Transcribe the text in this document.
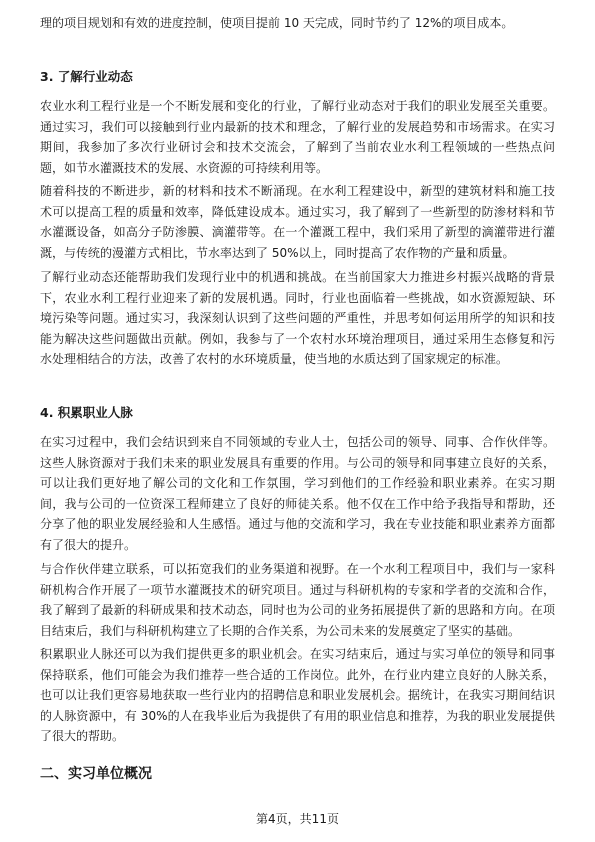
理的项目规划和有效的进度控制，使项目提前 10 天完成，同时节约了 12%的项目成本。

3. 了解行业动态

农业水利工程行业是一个不断发展和变化的行业，了解行业动态对于我们的职业发展至关重要。通过实习，我们可以接触到行业内最新的技术和理念，了解行业的发展趋势和市场需求。在实习期间，我参加了多次行业研讨会和技术交流会，了解到了当前农业水利工程领域的一些热点问题，如节水灌溉技术的发展、水资源的可持续利用等。

随着科技的不断进步，新的材料和技术不断涌现。在水利工程建设中，新型的建筑材料和施工技术可以提高工程的质量和效率，降低建设成本。通过实习，我了解到了一些新型的防渗材料和节水灌溉设备，如高分子防渗膜、滴灌带等。在一个灌溉工程中，我们采用了新型的滴灌带进行灌溉，与传统的漫灌方式相比，节水率达到了 50%以上，同时提高了农作物的产量和质量。

了解行业动态还能帮助我们发现行业中的机遇和挑战。在当前国家大力推进乡村振兴战略的背景下，农业水利工程行业迎来了新的发展机遇。同时，行业也面临着一些挑战，如水资源短缺、环境污染等问题。通过实习，我深刻认识到了这些问题的严重性，并思考如何运用所学的知识和技能为解决这些问题做出贡献。例如，我参与了一个农村水环境治理项目，通过采用生态修复和污水处理相结合的方法，改善了农村的水环境质量，使当地的水质达到了国家规定的标准。

4. 积累职业人脉

在实习过程中，我们会结识到来自不同领域的专业人士，包括公司的领导、同事、合作伙伴等。这些人脉资源对于我们未来的职业发展具有重要的作用。与公司的领导和同事建立良好的关系，可以让我们更好地了解公司的文化和工作氛围，学习到他们的工作经验和职业素养。在实习期间，我与公司的一位资深工程师建立了良好的师徒关系。他不仅在工作中给予我指导和帮助，还分享了他的职业发展经验和人生感悟。通过与他的交流和学习，我在专业技能和职业素养方面都有了很大的提升。

与合作伙伴建立联系，可以拓宽我们的业务渠道和视野。在一个水利工程项目中，我们与一家科研机构合作开展了一项节水灌溉技术的研究项目。通过与科研机构的专家和学者的交流和合作，我了解到了最新的科研成果和技术动态，同时也为公司的业务拓展提供了新的思路和方向。在项目结束后，我们与科研机构建立了长期的合作关系，为公司未来的发展奠定了坚实的基础。

积累职业人脉还可以为我们提供更多的职业机会。在实习结束后，通过与实习单位的领导和同事保持联系，他们可能会为我们推荐一些合适的工作岗位。此外，在行业内建立良好的人脉关系，也可以让我们更容易地获取一些行业内的招聘信息和职业发展机会。据统计，在我实习期间结识的人脉资源中，有 30%的人在我毕业后为我提供了有用的职业信息和推荐，为我的职业发展提供了很大的帮助。

二、实习单位概况
第4页，共11页
